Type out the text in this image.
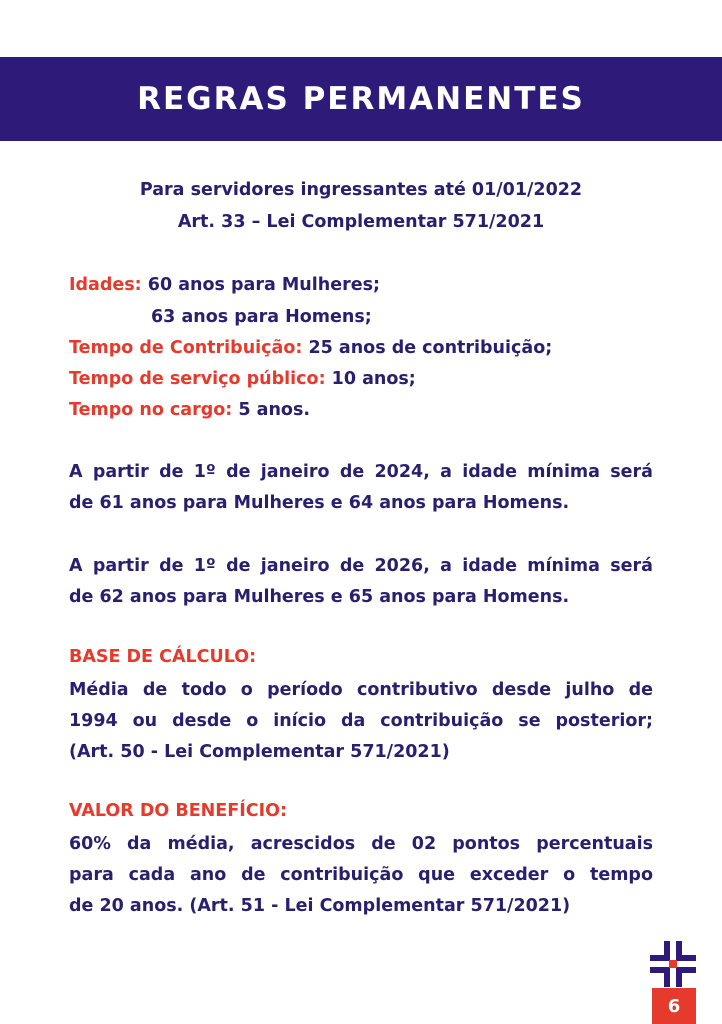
REGRAS PERMANENTES
Para servidores ingressantes até 01/01/2022
Art. 33 – Lei Complementar 571/2021
Idades: 60 anos para Mulheres;
63 anos para Homens;
Tempo de Contribuição: 25 anos de contribuição;
Tempo de serviço público: 10 anos;
Tempo no cargo: 5 anos.
A partir de 1º de janeiro de 2024, a idade mínima será
de 61 anos para Mulheres e 64 anos para Homens.
A partir de 1º de janeiro de 2026, a idade mínima será
de 62 anos para Mulheres e 65 anos para Homens.
BASE DE CÁLCULO:
Média de todo o período contributivo desde julho de
1994 ou desde o início da contribuição se posterior;
(Art. 50 - Lei Complementar 571/2021)
VALOR DO BENEFÍCIO:
60% da média, acrescidos de 02 pontos percentuais
para cada ano de contribuição que exceder o tempo
de 20 anos. (Art. 51 - Lei Complementar 571/2021)
6
